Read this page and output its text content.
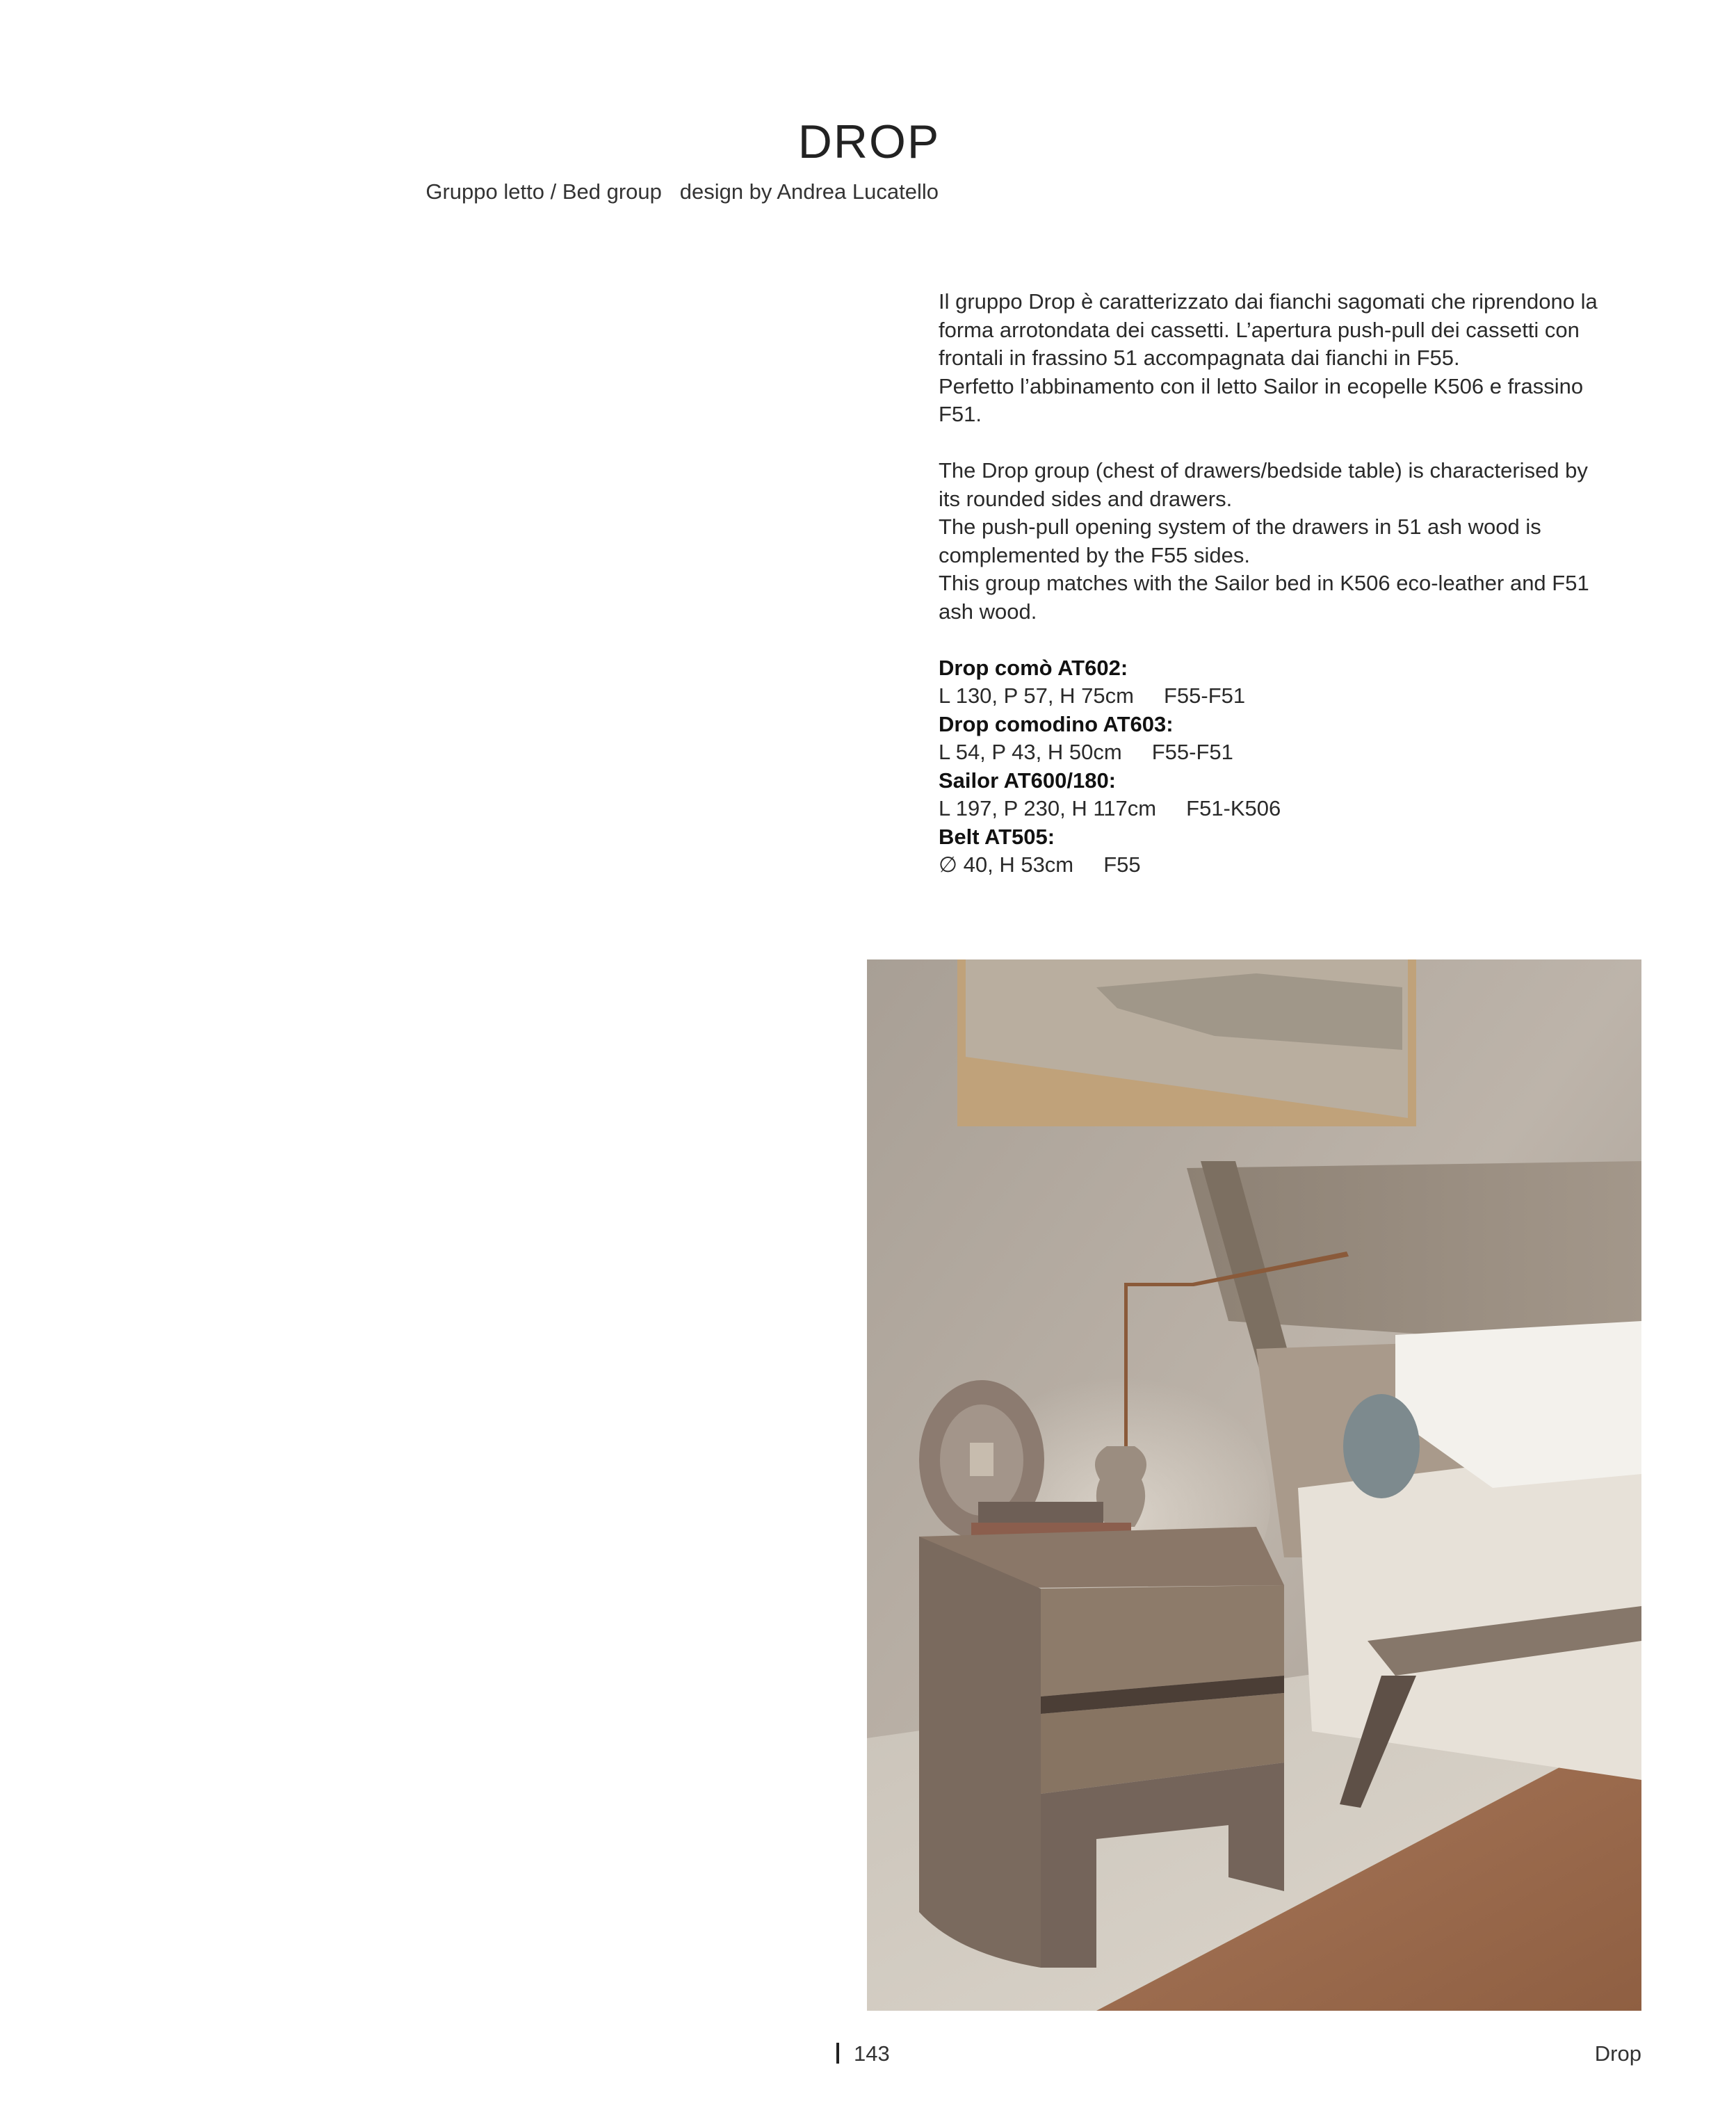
DROP
Gruppo letto / Bed group   design by Andrea Lucatello

Il gruppo Drop è caratterizzato dai fianchi sagomati che riprendono la
forma arrotondata dei cassetti. L’apertura push-pull dei cassetti con
frontali in frassino 51 accompagnata dai fianchi in F55.
Perfetto l’abbinamento con il letto Sailor in ecopelle K506 e frassino
F51.

The Drop group (chest of drawers/bedside table) is characterised by
its rounded sides and drawers.
The push-pull opening system of the drawers in 51 ash wood is
complemented by the F55 sides.
This group matches with the Sailor bed in K506 eco-leather and F51
ash wood.

Drop comò AT602:
L 130, P 57, H 75cm     F55-F51
Drop comodino AT603:
L 54, P 43, H 50cm     F55-F51
Sailor AT600/180:
L 197, P 230, H 117cm     F51-K506
Belt AT505:
∅ 40, H 53cm     F55
143	Drop
